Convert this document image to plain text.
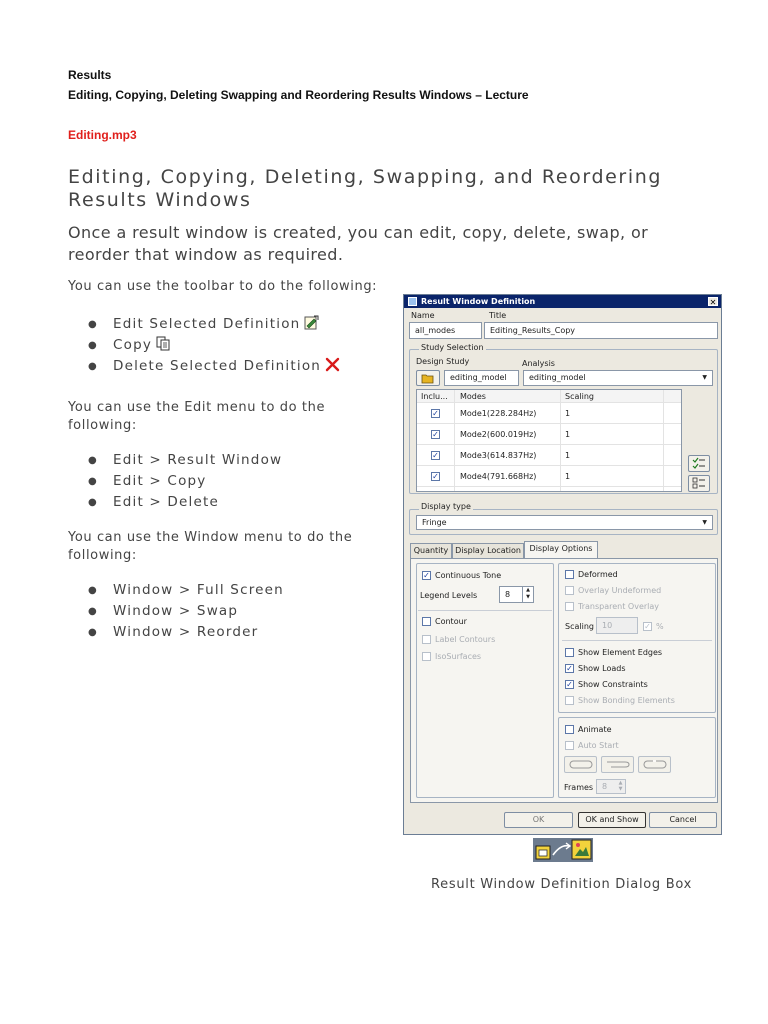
Results
Editing, Copying, Deleting Swapping and Reordering Results Windows – Lecture
Editing.mp3
Editing, Copying, Deleting, Swapping, and Reordering Results Windows
Once a result window is created, you can edit, copy, delete, swap, or reorder that window as required.
You can use the toolbar to do the following:
● Edit Selected Definition
● Copy
● Delete Selected Definition
You can use the Edit menu to do the following:
● Edit > Result Window
● Edit > Copy
● Edit > Delete
You can use the Window menu to do the following:
● Window > Full Screen
● Window > Swap
● Window > Reorder
Result Window Definition	✕
Name	Title
all_modes	Editing_Results_Copy
Study Selection
Design Study	Analysis
editing_model	editing_model	▼
Inclu... Modes	Scaling
✓	Mode1(228.284Hz)	1
✓	Mode2(600.019Hz)	1
✓	Mode3(614.837Hz)	1
✓	Mode4(791.668Hz)	1
Display type
Fringe	▼
Quantity Display Location	Display Options
✓ Continuous Tone
Legend Levels	8	▲
▼
Contour
Label Contours
IsoSurfaces
Deformed
Overlay Undeformed
Transparent Overlay
Scaling	10	✓ %
Show Element Edges
✓ Show Loads
✓ Show Constraints
Show Bonding Elements
Animate
Auto Start
Frames	8	▲
▼
OK	OK and Show	Cancel
Result Window Definition Dialog Box
